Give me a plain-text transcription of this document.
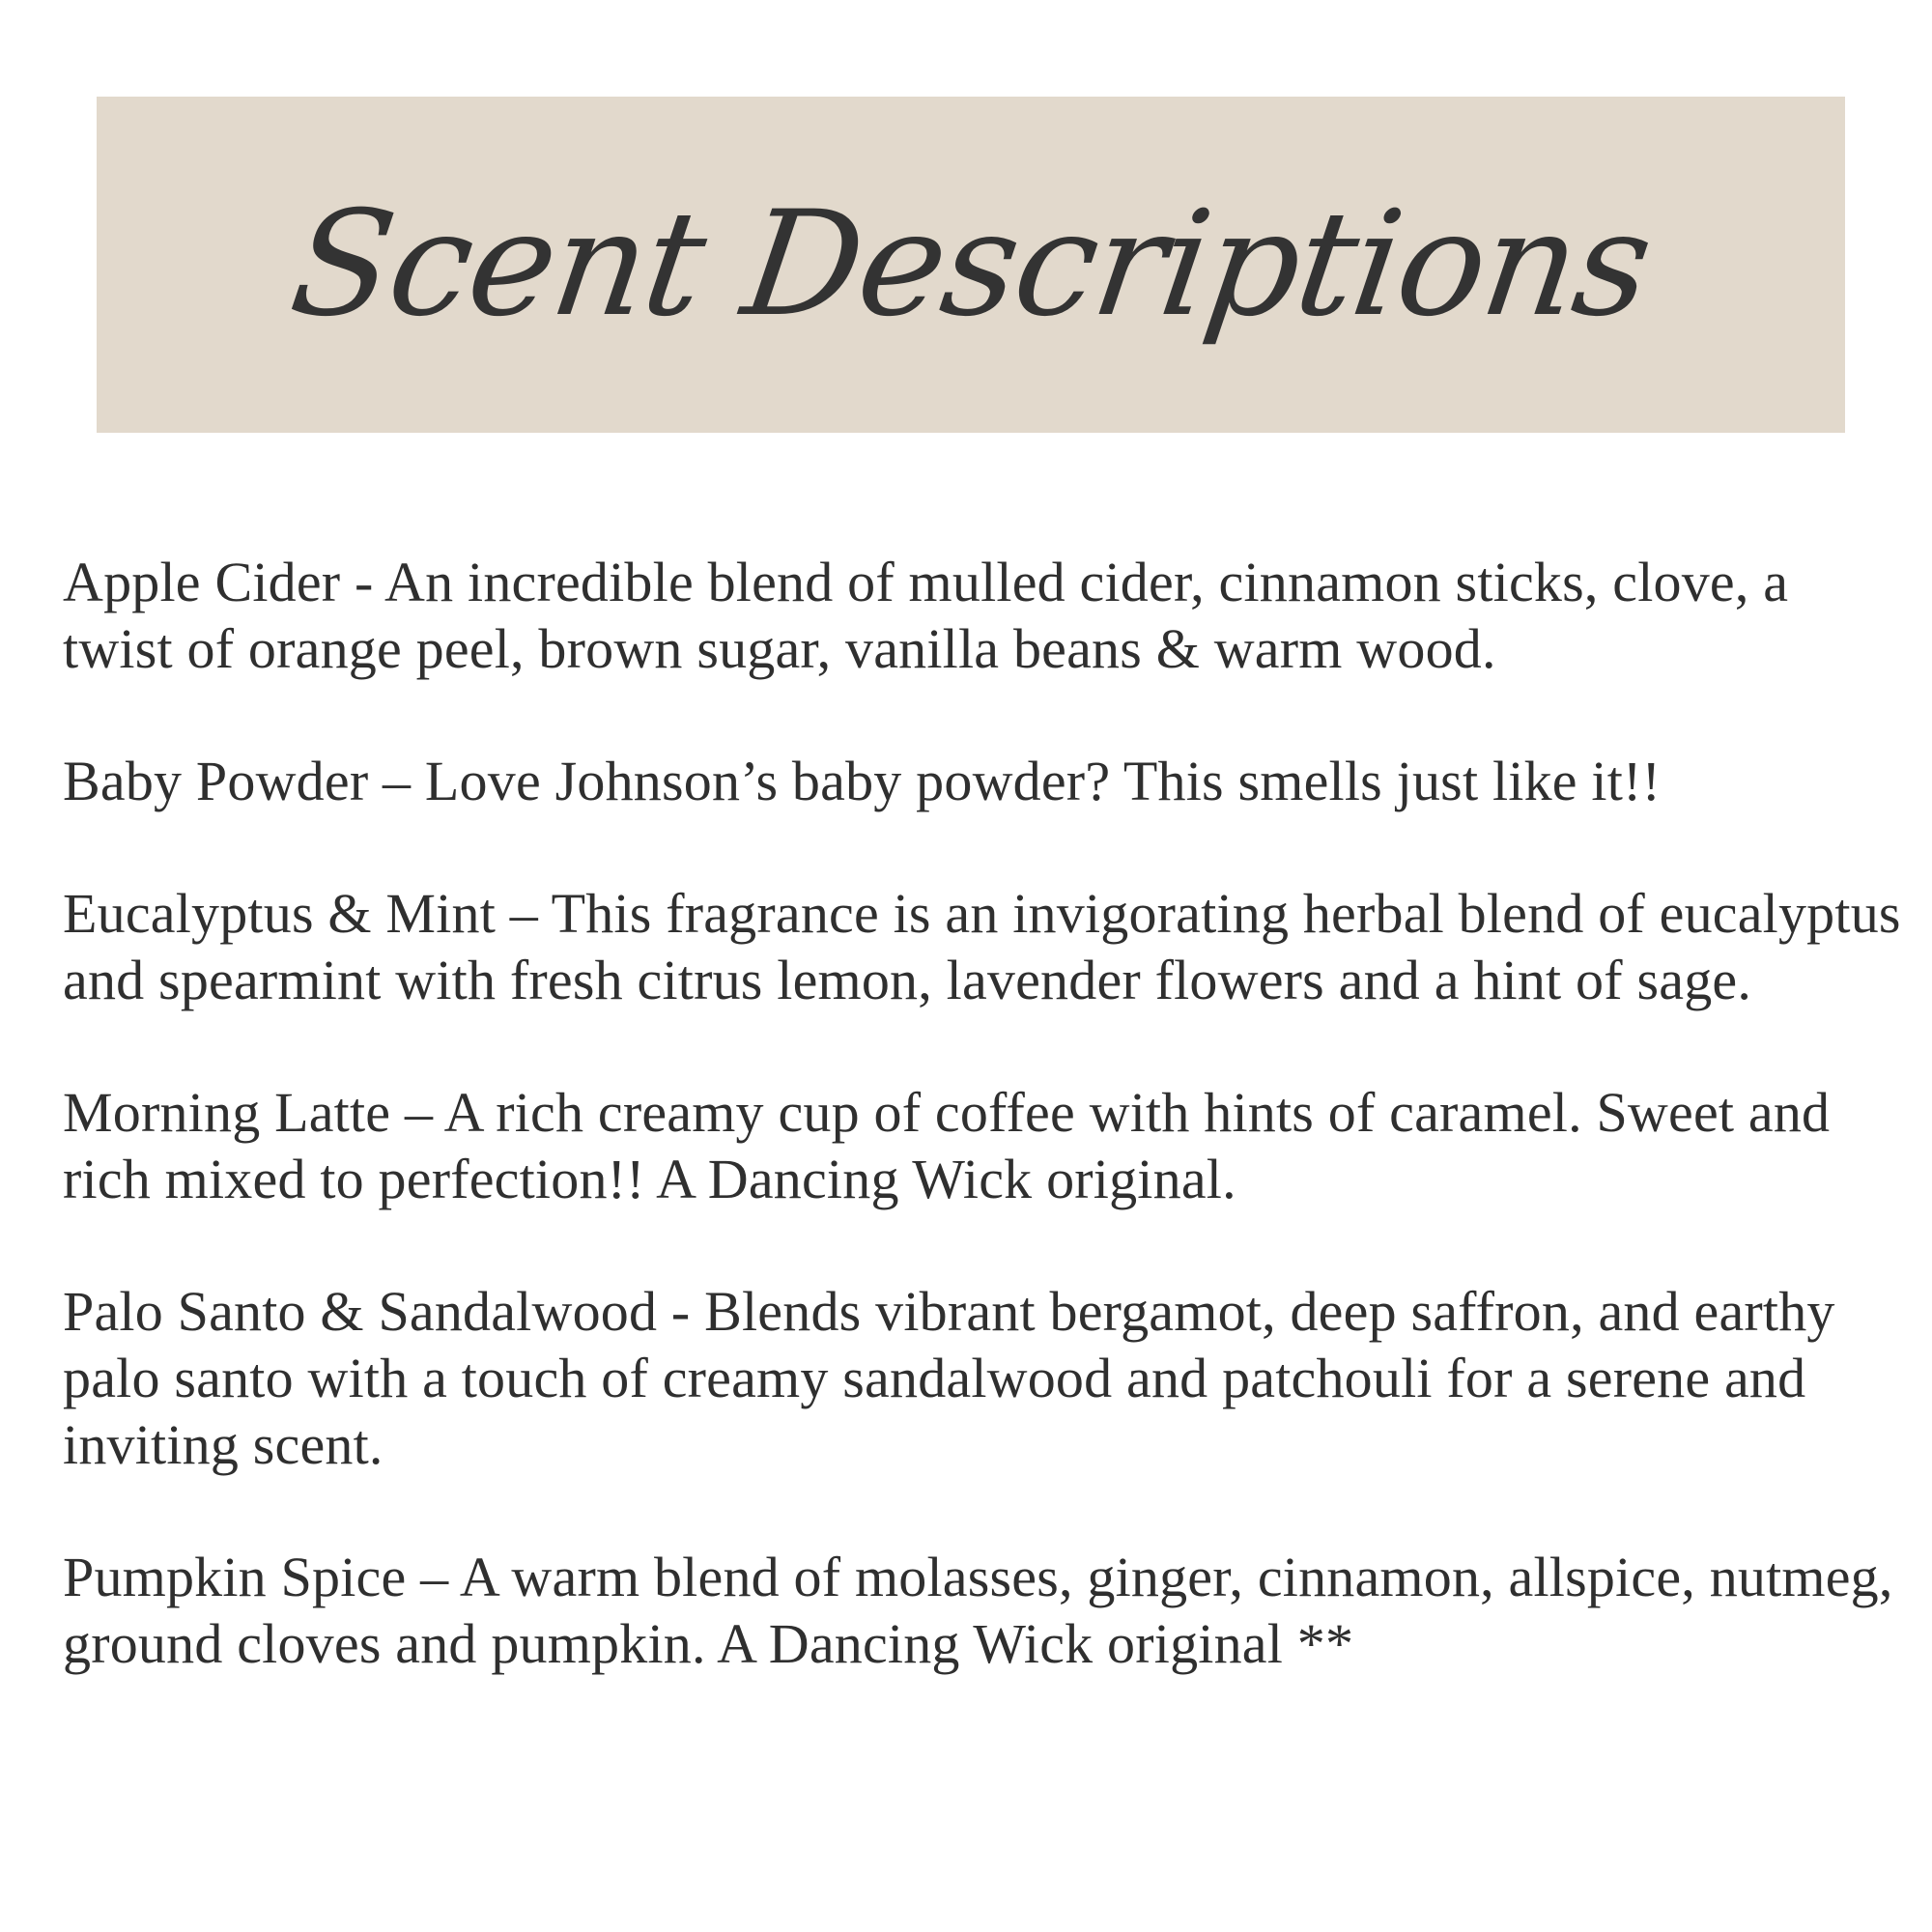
Scent Descriptions

Apple Cider - An incredible blend of mulled cider, cinnamon sticks, clove, a twist of orange peel, brown sugar, vanilla beans & warm wood.

Baby Powder – Love Johnson’s baby powder? This smells just like it!!

Eucalyptus & Mint – This fragrance is an invigorating herbal blend of eucalyptus and spearmint with fresh citrus lemon, lavender flowers and a hint of sage.

Morning Latte – A rich creamy cup of coffee with hints of caramel. Sweet and rich mixed to perfection!! A Dancing Wick original.

Palo Santo & Sandalwood - Blends vibrant bergamot, deep saffron, and earthy palo santo with a touch of creamy sandalwood and patchouli for a serene and inviting scent.

Pumpkin Spice – A warm blend of molasses, ginger, cinnamon, allspice, nutmeg, ground cloves and pumpkin. A Dancing Wick original **
